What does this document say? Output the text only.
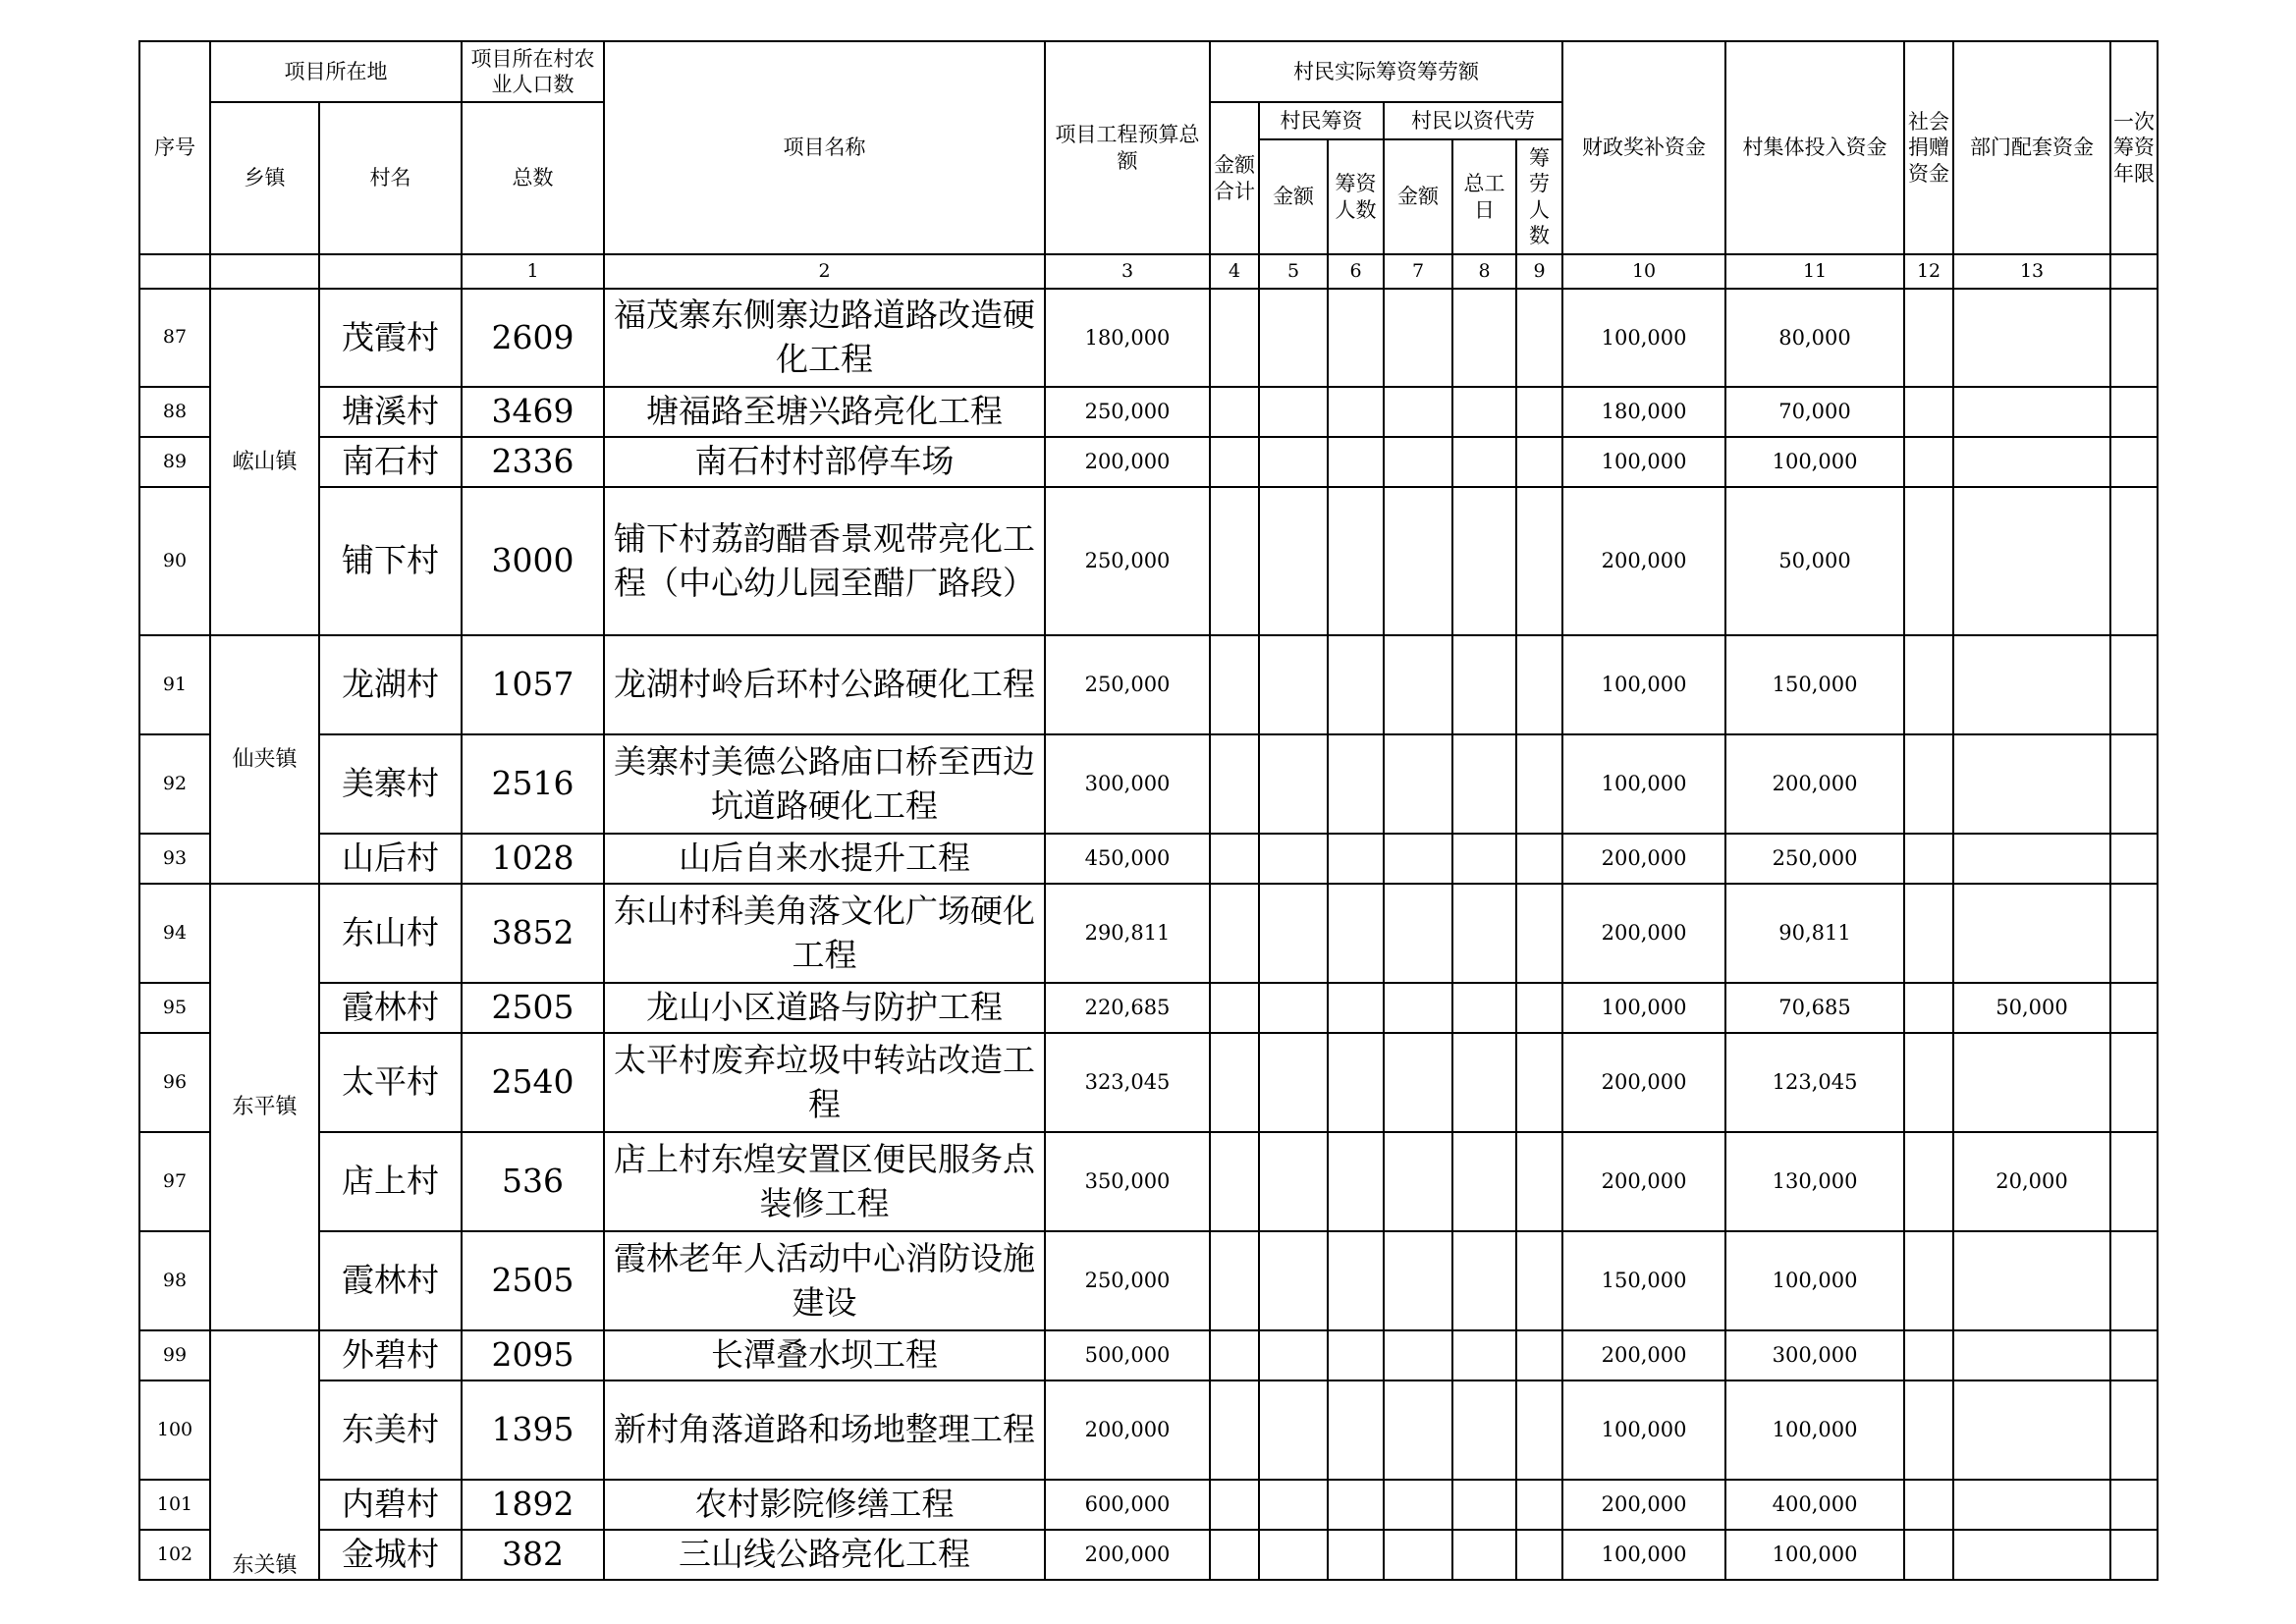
序号	项目所在地		项目所在村农业人口数	项目名称	项目工程预算总额	村民实际筹资筹劳额						财政奖补资金	村集体投入资金	社会捐赠资金	部门配套资金	一次筹资年限
	乡镇	村名	总数			金额合计	村民筹资		村民以资代劳							
							金额	筹资人数	金额	总工日	筹劳人数					
			1	2	3	4	5	6	7	8	9	10	11	12	13	
87	峵山镇	茂霞村	2609	福茂寨东侧寨边路道路改造硬化工程	180,000							100,000	80,000			
88		塘溪村	3469	塘福路至塘兴路亮化工程	250,000							180,000	70,000			
89		南石村	2336	南石村村部停车场	200,000							100,000	100,000			
90		铺下村	3000	铺下村荔韵醋香景观带亮化工程（中心幼儿园至醋厂路段）	250,000							200,000	50,000			
91	仙夹镇	龙湖村	1057	龙湖村岭后环村公路硬化工程	250,000							100,000	150,000			
92		美寨村	2516	美寨村美德公路庙口桥至西边坑道路硬化工程	300,000							100,000	200,000			
93		山后村	1028	山后自来水提升工程	450,000							200,000	250,000			
94	东平镇	东山村	3852	东山村科美角落文化广场硬化工程	290,811							200,000	90,811			
95		霞林村	2505	龙山小区道路与防护工程	220,685							100,000	70,685		50,000	
96		太平村	2540	太平村废弃垃圾中转站改造工程	323,045							200,000	123,045			
97		店上村	536	店上村东煌安置区便民服务点装修工程	350,000							200,000	130,000		20,000	
98		霞林村	2505	霞林老年人活动中心消防设施建设	250,000							150,000	100,000			
99	东关镇	外碧村	2095	长潭叠水坝工程	500,000							200,000	300,000			
100		东美村	1395	新村角落道路和场地整理工程	200,000							100,000	100,000			
101		内碧村	1892	农村影院修缮工程	600,000							200,000	400,000			
102		金城村	382	三山线公路亮化工程	200,000							100,000	100,000			
